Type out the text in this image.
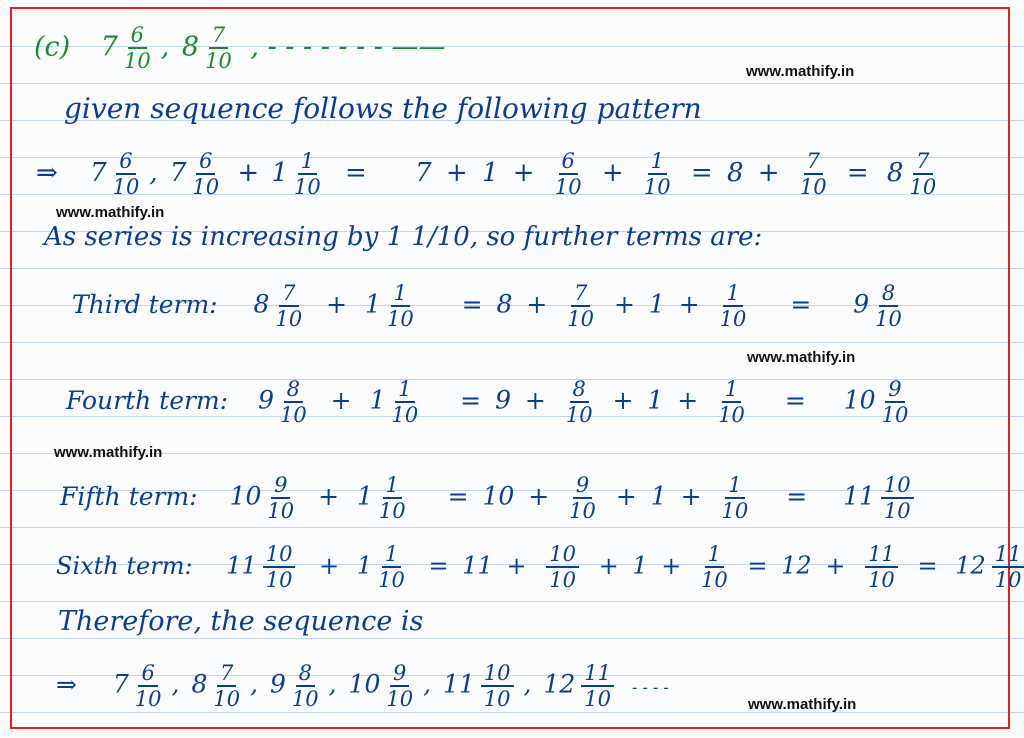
(c) $7 \frac{6}{10}$ , $8 \frac{7}{10}$ , - - - - - - - ——
www.mathify.in
given sequence follows the following pattern
⇒ $7 \frac{6}{10}$ , $7 \frac{6}{10} + 1 \frac{1}{10} = 7 + 1 + \frac{6}{10} + \frac{1}{10} = 8 + \frac{7}{10} = 8 \frac{7}{10}$
www.mathify.in
As series is increasing by 1 1/10, so further terms are:
Third term: $8 \frac{7}{10} + 1 \frac{1}{10} = 8 + \frac{7}{10} + 1 + \frac{1}{10} = 9 \frac{8}{10}$
www.mathify.in
Fourth term: $9 \frac{8}{10} + 1 \frac{1}{10} = 9 + \frac{8}{10} + 1 + \frac{1}{10} = 10 \frac{9}{10}$
www.mathify.in
Fifth term: $10 \frac{9}{10} + 1 \frac{1}{10} = 10 + \frac{9}{10} + 1 + \frac{1}{10} = 11 \frac{10}{10}$
Sixth term: $11 \frac{10}{10} + 1 \frac{1}{10} = 11 + \frac{10}{10} + 1 + \frac{1}{10} = 12 + \frac{11}{10} = 12 \frac{11}{10}$
Therefore, the sequence is
⇒ $7 \frac{6}{10}$ , $8 \frac{7}{10}$ , $9 \frac{8}{10}$ , $10 \frac{9}{10}$ , $11 \frac{10}{10}$ , $12 \frac{11}{10}$ - - - -
www.mathify.in
